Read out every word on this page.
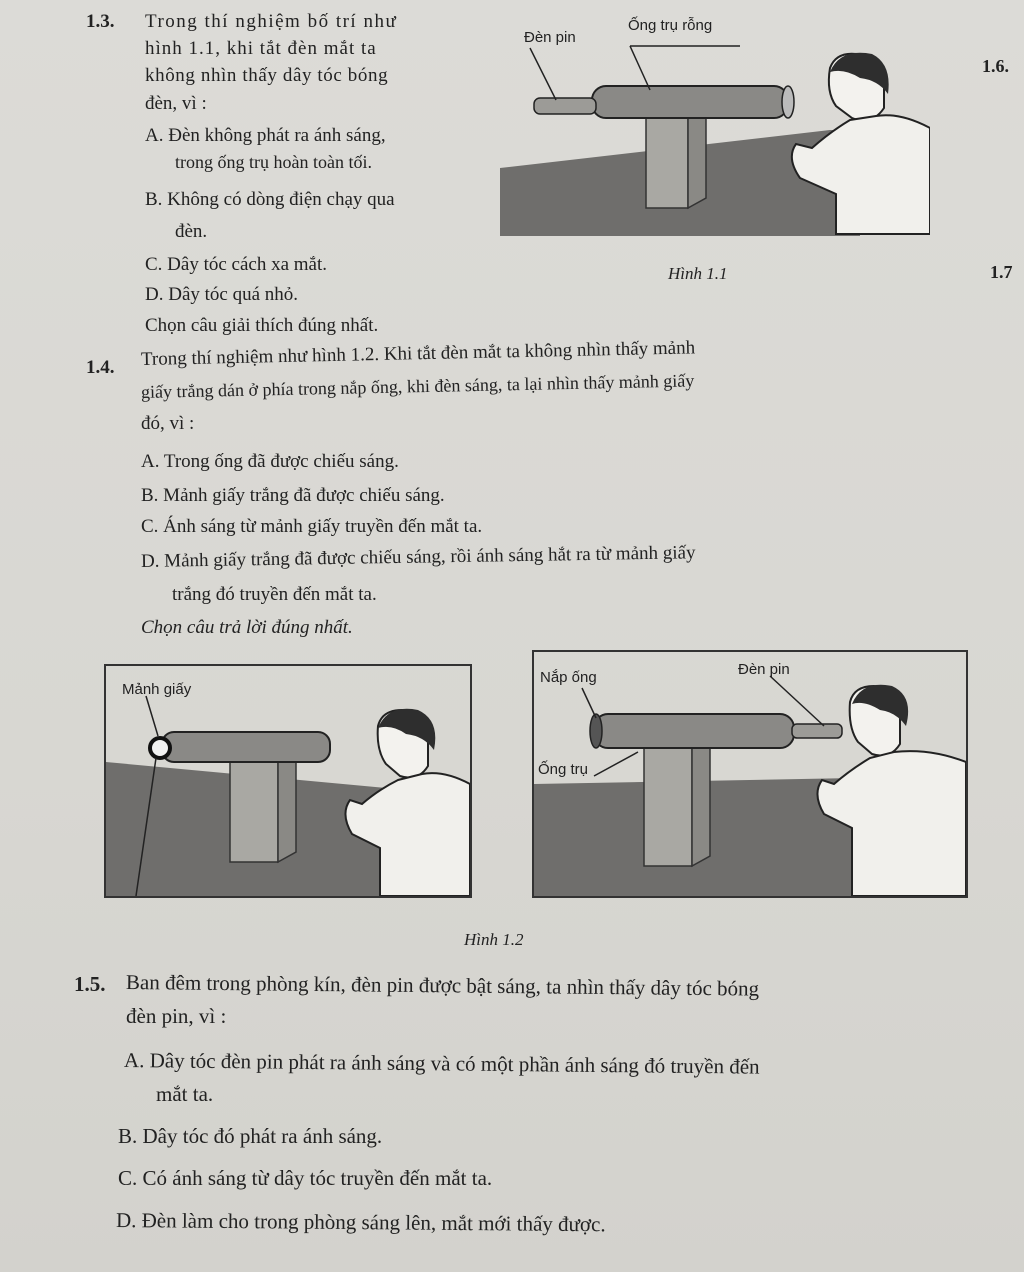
1.3. Trong thí nghiệm bố trí như
hình 1.1, khi tắt đèn mắt ta
không nhìn thấy dây tóc bóng
đèn, vì :
A. Đèn không phát ra ánh sáng,
trong ống trụ hoàn toàn tối.
B. Không có dòng điện chạy qua
đèn.
C. Dây tóc cách xa mắt.
D. Dây tóc quá nhỏ.
Chọn câu giải thích đúng nhất.
Đèn pin
Ống trụ rỗng
Hình 1.1
1.6.
1.7
1.4. Trong thí nghiệm như hình 1.2. Khi tắt đèn mắt ta không nhìn thấy mảnh
giấy trắng dán ở phía trong nắp ống, khi đèn sáng, ta lại nhìn thấy mảnh giấy
đó, vì :
A. Trong ống đã được chiếu sáng.
B. Mảnh giấy trắng đã được chiếu sáng.
C. Ánh sáng từ mảnh giấy truyền đến mắt ta.
D. Mảnh giấy trắng đã được chiếu sáng, rồi ánh sáng hắt ra từ mảnh giấy
trắng đó truyền đến mắt ta.
Chọn câu trả lời đúng nhất.
Mảnh giấy
Nắp ống	Đèn pin
Ống trụ
Hình 1.2
1.5. Ban đêm trong phòng kín, đèn pin được bật sáng, ta nhìn thấy dây tóc bóng
đèn pin, vì :
A. Dây tóc đèn pin phát ra ánh sáng và có một phần ánh sáng đó truyền đến
mắt ta.
B. Dây tóc đó phát ra ánh sáng.
C. Có ánh sáng từ dây tóc truyền đến mắt ta.
D. Đèn làm cho trong phòng sáng lên, mắt mới thấy được.
